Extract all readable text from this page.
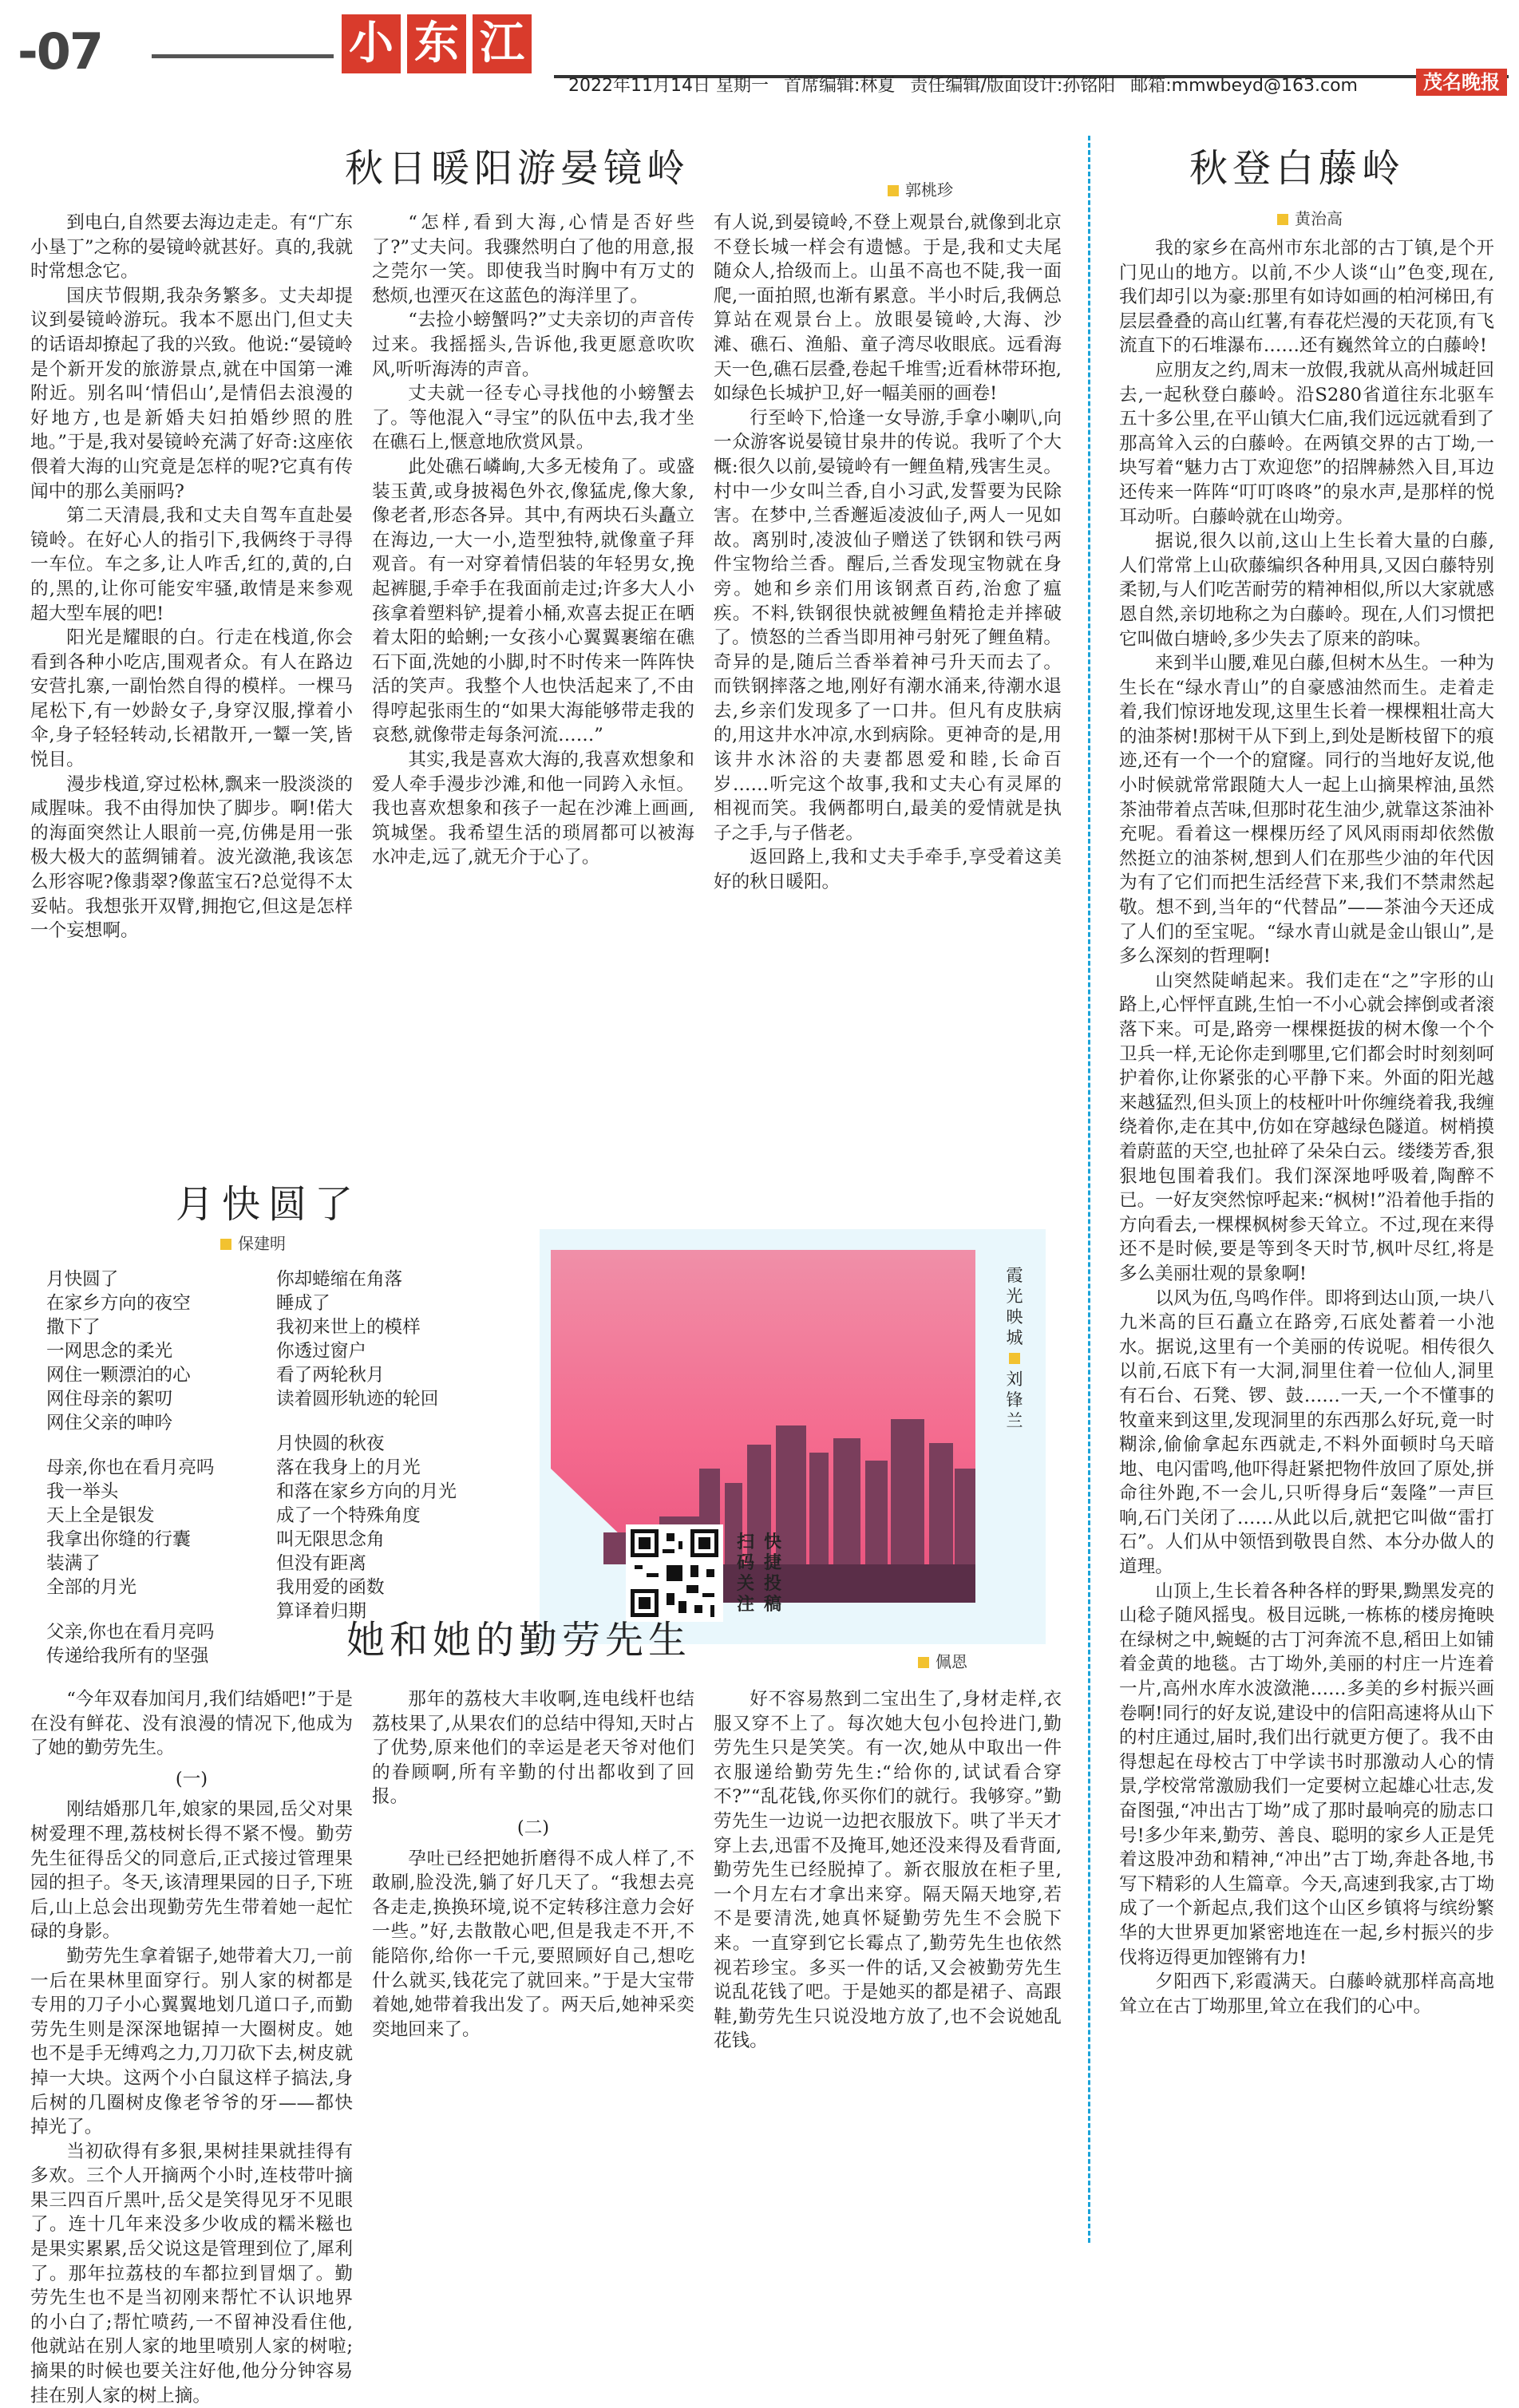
-07	小 东 江
2022年11月14日 星期一 首席编辑:林夏 责任编辑/版面设计:孙铭阳 邮箱:mmwbeyd@163.com	茂名晚报
秋日暖阳游晏镜岭	郭桃珍

到电白,自然要去海边走走。有“广东小垦丁”之称的晏镜岭就甚好。真的,我就时常想念它。

国庆节假期,我杂务繁多。丈夫却提议到晏镜岭游玩。我本不愿出门,但丈夫的话语却撩起了我的兴致。他说:“晏镜岭是个新开发的旅游景点,就在中国第一滩附近。别名叫‘情侣山’,是情侣去浪漫的好地方,也是新婚夫妇拍婚纱照的胜地。”于是,我对晏镜岭充满了好奇:这座依偎着大海的山究竟是怎样的呢?它真有传闻中的那么美丽吗?

第二天清晨,我和丈夫自驾车直赴晏镜岭。在好心人的指引下,我俩终于寻得一车位。车之多,让人咋舌,红的,黄的,白的,黑的,让你可能安牢骚,敢情是来参观超大型车展的吧!

阳光是耀眼的白。行走在栈道,你会看到各种小吃店,围观者众。有人在路边安营扎寨,一副怡然自得的模样。一棵马尾松下,有一妙龄女子,身穿汉服,撑着小伞,身子轻轻转动,长裙散开,一颦一笑,皆悦目。

漫步栈道,穿过松林,飘来一股淡淡的咸腥味。我不由得加快了脚步。啊!偌大的海面突然让人眼前一亮,仿佛是用一张极大极大的蓝绸铺着。波光潋滟,我该怎么形容呢?像翡翠?像蓝宝石?总觉得不太妥帖。我想张开双臂,拥抱它,但这是怎样一个妄想啊。

“怎样,看到大海,心情是否好些了?”丈夫问。我骤然明白了他的用意,报之莞尔一笑。即使我当时胸中有万丈的愁烦,也湮灭在这蓝色的海洋里了。

“去捡小螃蟹吗?”丈夫亲切的声音传过来。我摇摇头,告诉他,我更愿意吹吹风,听听海涛的声音。

丈夫就一径专心寻找他的小螃蟹去了。等他混入“寻宝”的队伍中去,我才坐在礁石上,惬意地欣赏风景。

此处礁石嶙峋,大多无棱角了。或盛装玉黄,或身披褐色外衣,像猛虎,像大象,像老者,形态各异。其中,有两块石头矗立在海边,一大一小,造型独特,就像童子拜观音。有一对穿着情侣装的年轻男女,挽起裤腿,手牵手在我面前走过;许多大人小孩拿着塑料铲,提着小桶,欢喜去捉正在晒着太阳的蛤蜊;一女孩小心翼翼裹缩在礁石下面,洗她的小脚,时不时传来一阵阵快活的笑声。我整个人也快活起来了,不由得哼起张雨生的“如果大海能够带走我的哀愁,就像带走每条河流……”

其实,我是喜欢大海的,我喜欢想象和爱人牵手漫步沙滩,和他一同跨入永恒。我也喜欢想象和孩子一起在沙滩上画画,筑城堡。我希望生活的琐屑都可以被海水冲走,远了,就无介于心了。

有人说,到晏镜岭,不登上观景台,就像到北京不登长城一样会有遗憾。于是,我和丈夫尾随众人,拾级而上。山虽不高也不陡,我一面爬,一面拍照,也渐有累意。半小时后,我俩总算站在观景台上。放眼晏镜岭,大海、沙滩、礁石、渔船、童子湾尽收眼底。远看海天一色,礁石层叠,卷起千堆雪;近看林带环抱,如绿色长城护卫,好一幅美丽的画卷!

行至岭下,恰逢一女导游,手拿小喇叭,向一众游客说晏镜甘泉井的传说。我听了个大概:很久以前,晏镜岭有一鲤鱼精,残害生灵。村中一少女叫兰香,自小习武,发誓要为民除害。在梦中,兰香邂逅凌波仙子,两人一见如故。离别时,凌波仙子赠送了铁钢和铁弓两件宝物给兰香。醒后,兰香发现宝物就在身旁。她和乡亲们用该钢煮百药,治愈了瘟疾。不料,铁钢很快就被鲤鱼精抢走并摔破了。愤怒的兰香当即用神弓射死了鲤鱼精。奇异的是,随后兰香举着神弓升天而去了。而铁钢摔落之地,刚好有潮水涌来,待潮水退去,乡亲们发现多了一口井。但凡有皮肤病的,用这井水冲凉,水到病除。更神奇的是,用该井水沐浴的夫妻都恩爱和睦,长命百岁……听完这个故事,我和丈夫心有灵犀的相视而笑。我俩都明白,最美的爱情就是执子之手,与子偕老。

返回路上,我和丈夫手牵手,享受着这美好的秋日暖阳。

月快圆了
保建明
月快圆了
在家乡方向的夜空
撒下了
一网思念的柔光
网住一颗漂泊的心
网住母亲的絮叨
网住父亲的呻吟
母亲,你也在看月亮吗
我一举头
天上全是银发
我拿出你缝的行囊
装满了
全部的月光
父亲,你也在看月亮吗
传递给我所有的坚强
你却蜷缩在角落
睡成了
我初来世上的模样
你透过窗户
看了两轮秋月
读着圆形轨迹的轮回
月快圆的秋夜
落在我身上的月光
和落在家乡方向的月光
成了一个特殊角度
叫无限思念角
但没有距离
我用爱的函数
算译着归期
霞光映城
刘锋兰
快捷投稿
扫码关注
她和她的勤劳先生	佩恩

“今年双春加闰月,我们结婚吧!”于是在没有鲜花、没有浪漫的情况下,他成为了她的勤劳先生。

(一)

刚结婚那几年,娘家的果园,岳父对果树爱理不理,荔枝树长得不紧不慢。勤劳先生征得岳父的同意后,正式接过管理果园的担子。冬天,该清理果园的日子,下班后,山上总会出现勤劳先生带着她一起忙碌的身影。

勤劳先生拿着锯子,她带着大刀,一前一后在果林里面穿行。别人家的树都是专用的刀子小心翼翼地划几道口子,而勤劳先生则是深深地锯掉一大圈树皮。她也不是手无缚鸡之力,刀刀砍下去,树皮就掉一大块。这两个小白鼠这样子搞法,身后树的几圈树皮像老爷爷的牙——都快掉光了。

当初砍得有多狠,果树挂果就挂得有多欢。三个人开摘两个小时,连枝带叶摘果三四百斤黑叶,岳父是笑得见牙不见眼了。连十几年来没多少收成的糯米糍也是果实累累,岳父说这是管理到位了,犀利了。那年拉荔枝的车都拉到冒烟了。勤劳先生也不是当初刚来帮忙不认识地界的小白了;帮忙喷药,一不留神没看住他,他就站在别人家的地里喷别人家的树啦;摘果的时候也要关注好他,他分分钟容易挂在别人家的树上摘。

那年的荔枝大丰收啊,连电线杆也结荔枝果了,从果农们的总结中得知,天时占了优势,原来他们的幸运是老天爷对他们的眷顾啊,所有辛勤的付出都收到了回报。

(二)

孕吐已经把她折磨得不成人样了,不敢刷,脸没洗,躺了好几天了。“我想去亮各走走,换换环境,说不定转移注意力会好一些。”好,去散散心吧,但是我走不开,不能陪你,给你一千元,要照顾好自己,想吃什么就买,钱花完了就回来。”于是大宝带着她,她带着我出发了。两天后,她神采奕奕地回来了。

好不容易熬到二宝出生了,身材走样,衣服又穿不上了。每次她大包小包拎进门,勤劳先生只是笑笑。有一次,她从中取出一件衣服递给勤劳先生:“给你的,试试看合穿不?”“乱花钱,你买你们的就行。我够穿。”勤劳先生一边说一边把衣服放下。哄了半天才穿上去,迅雷不及掩耳,她还没来得及看背面,勤劳先生已经脱掉了。新衣服放在柜子里,一个月左右才拿出来穿。隔天隔天地穿,若不是要清洗,她真怀疑勤劳先生不会脱下来。一直穿到它长霉点了,勤劳先生也依然视若珍宝。多买一件的话,又会被勤劳先生说乱花钱了吧。于是她买的都是裙子、高跟鞋,勤劳先生只说没地方放了,也不会说她乱花钱。

秋登白藤岭
黄治高

我的家乡在高州市东北部的古丁镇,是个开门见山的地方。以前,不少人谈“山”色变,现在,我们却引以为豪:那里有如诗如画的柏河梯田,有层层叠叠的高山红薯,有春花烂漫的天花顶,有飞流直下的石堆瀑布……还有巍然耸立的白藤岭!

应朋友之约,周末一放假,我就从高州城赶回去,一起秋登白藤岭。沿S280省道往东北驱车五十多公里,在平山镇大仁庙,我们远远就看到了那高耸入云的白藤岭。在两镇交界的古丁坳,一块写着“魅力古丁欢迎您”的招牌赫然入目,耳边还传来一阵阵“叮叮咚咚”的泉水声,是那样的悦耳动听。白藤岭就在山坳旁。

据说,很久以前,这山上生长着大量的白藤,人们常常上山砍藤编织各种用具,又因白藤特别柔韧,与人们吃苦耐劳的精神相似,所以大家就感恩自然,亲切地称之为白藤岭。现在,人们习惯把它叫做白塘岭,多少失去了原来的韵味。

来到半山腰,难见白藤,但树木丛生。一种为生长在“绿水青山”的自豪感油然而生。走着走着,我们惊讶地发现,这里生长着一棵棵粗壮高大的油茶树!那树干从下到上,到处是断枝留下的痕迹,还有一个一个的窟窿。同行的当地好友说,他小时候就常常跟随大人一起上山摘果榨油,虽然茶油带着点苦味,但那时花生油少,就靠这茶油补充呢。看着这一棵棵历经了风风雨雨却依然傲然挺立的油茶树,想到人们在那些少油的年代因为有了它们而把生活经营下来,我们不禁肃然起敬。想不到,当年的“代替品”——茶油今天还成了人们的至宝呢。“绿水青山就是金山银山”,是多么深刻的哲理啊!

山突然陡峭起来。我们走在“之”字形的山路上,心怦怦直跳,生怕一不小心就会摔倒或者滚落下来。可是,路旁一棵棵挺拔的树木像一个个卫兵一样,无论你走到哪里,它们都会时时刻刻呵护着你,让你紧张的心平静下来。外面的阳光越来越猛烈,但头顶上的枝桠叶叶你缠绕着我,我缠绕着你,走在其中,仿如在穿越绿色隧道。树梢摸着蔚蓝的天空,也扯碎了朵朵白云。缕缕芳香,狠狠地包围着我们。我们深深地呼吸着,陶醉不已。一好友突然惊呼起来:“枫树!”沿着他手指的方向看去,一棵棵枫树参天耸立。不过,现在来得还不是时候,要是等到冬天时节,枫叶尽红,将是多么美丽壮观的景象啊!

以风为伍,鸟鸣作伴。即将到达山顶,一块八九米高的巨石矗立在路旁,石底处蓄着一小池水。据说,这里有一个美丽的传说呢。相传很久以前,石底下有一大洞,洞里住着一位仙人,洞里有石台、石凳、锣、鼓……一天,一个不懂事的牧童来到这里,发现洞里的东西那么好玩,竟一时糊涂,偷偷拿起东西就走,不料外面顿时乌天暗地、电闪雷鸣,他吓得赶紧把物件放回了原处,拼命往外跑,不一会儿,只听得身后“轰隆”一声巨响,石门关闭了……从此以后,就把它叫做“雷打石”。人们从中领悟到敬畏自然、本分办做人的道理。

山顶上,生长着各种各样的野果,黝黑发亮的山稔子随风摇曳。极目远眺,一栋栋的楼房掩映在绿树之中,蜿蜒的古丁河奔流不息,稻田上如铺着金黄的地毯。古丁坳外,美丽的村庄一片连着一片,高州水库水波潋滟……多美的乡村振兴画卷啊!同行的好友说,建设中的信阳高速将从山下的村庄通过,届时,我们出行就更方便了。我不由得想起在母校古丁中学读书时那激动人心的情景,学校常常激励我们一定要树立起雄心壮志,发奋图强,“冲出古丁坳”成了那时最响亮的励志口号!多少年来,勤劳、善良、聪明的家乡人正是凭着这股冲劲和精神,“冲出”古丁坳,奔赴各地,书写下精彩的人生篇章。今天,高速到我家,古丁坳成了一个新起点,我们这个山区乡镇将与缤纷繁华的大世界更加紧密地连在一起,乡村振兴的步伐将迈得更加铿锵有力!

夕阳西下,彩霞满天。白藤岭就那样高高地耸立在古丁坳那里,耸立在我们的心中。
